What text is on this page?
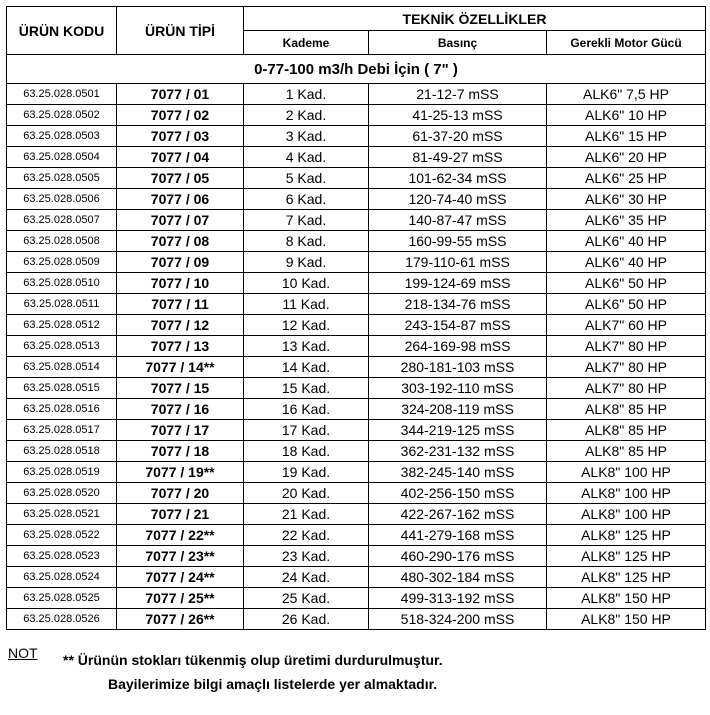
ÜRÜN KODU	ÜRÜN TİPİ	TEKNİK ÖZELLİKLER		
		Kademe	Basınç	Gerekli Motor Gücü
0-77-100 m3/h Debi İçin ( 7" )				
63.25.028.0501	7077 / 01	1 Kad.	21-12-7 mSS	ALK6" 7,5 HP
63.25.028.0502	7077 / 02	2 Kad.	41-25-13 mSS	ALK6" 10 HP
63.25.028.0503	7077 / 03	3 Kad.	61-37-20 mSS	ALK6" 15 HP
63.25.028.0504	7077 / 04	4 Kad.	81-49-27 mSS	ALK6" 20 HP
63.25.028.0505	7077 / 05	5 Kad.	101-62-34 mSS	ALK6" 25 HP
63.25.028.0506	7077 / 06	6 Kad.	120-74-40 mSS	ALK6" 30 HP
63.25.028.0507	7077 / 07	7 Kad.	140-87-47 mSS	ALK6" 35 HP
63.25.028.0508	7077 / 08	8 Kad.	160-99-55 mSS	ALK6" 40 HP
63.25.028.0509	7077 / 09	9 Kad.	179-110-61 mSS	ALK6" 40 HP
63.25.028.0510	7077 / 10	10 Kad.	199-124-69 mSS	ALK6" 50 HP
63.25.028.0511	7077 / 11	11 Kad.	218-134-76 mSS	ALK6" 50 HP
63.25.028.0512	7077 / 12	12 Kad.	243-154-87 mSS	ALK7" 60 HP
63.25.028.0513	7077 / 13	13 Kad.	264-169-98 mSS	ALK7" 80 HP
63.25.028.0514	7077 / 14**	14 Kad.	280-181-103 mSS	ALK7" 80 HP
63.25.028.0515	7077 / 15	15 Kad.	303-192-110 mSS	ALK7" 80 HP
63.25.028.0516	7077 / 16	16 Kad.	324-208-119 mSS	ALK8" 85 HP
63.25.028.0517	7077 / 17	17 Kad.	344-219-125 mSS	ALK8" 85 HP
63.25.028.0518	7077 / 18	18 Kad.	362-231-132 mSS	ALK8" 85 HP
63.25.028.0519	7077 / 19**	19 Kad.	382-245-140 mSS	ALK8" 100 HP
63.25.028.0520	7077 / 20	20 Kad.	402-256-150 mSS	ALK8" 100 HP
63.25.028.0521	7077 / 21	21 Kad.	422-267-162 mSS	ALK8" 100 HP
63.25.028.0522	7077 / 22**	22 Kad.	441-279-168 mSS	ALK8" 125 HP
63.25.028.0523	7077 / 23**	23 Kad.	460-290-176 mSS	ALK8" 125 HP
63.25.028.0524	7077 / 24**	24 Kad.	480-302-184 mSS	ALK8" 125 HP
63.25.028.0525	7077 / 25**	25 Kad.	499-313-192 mSS	ALK8" 150 HP
63.25.028.0526	7077 / 26**	26 Kad.	518-324-200 mSS	ALK8" 150 HP
NOT ** Ürünün stokları tükenmiş olup üretimi durdurulmuştur.
Bayilerimize bilgi amaçlı listelerde yer almaktadır.
